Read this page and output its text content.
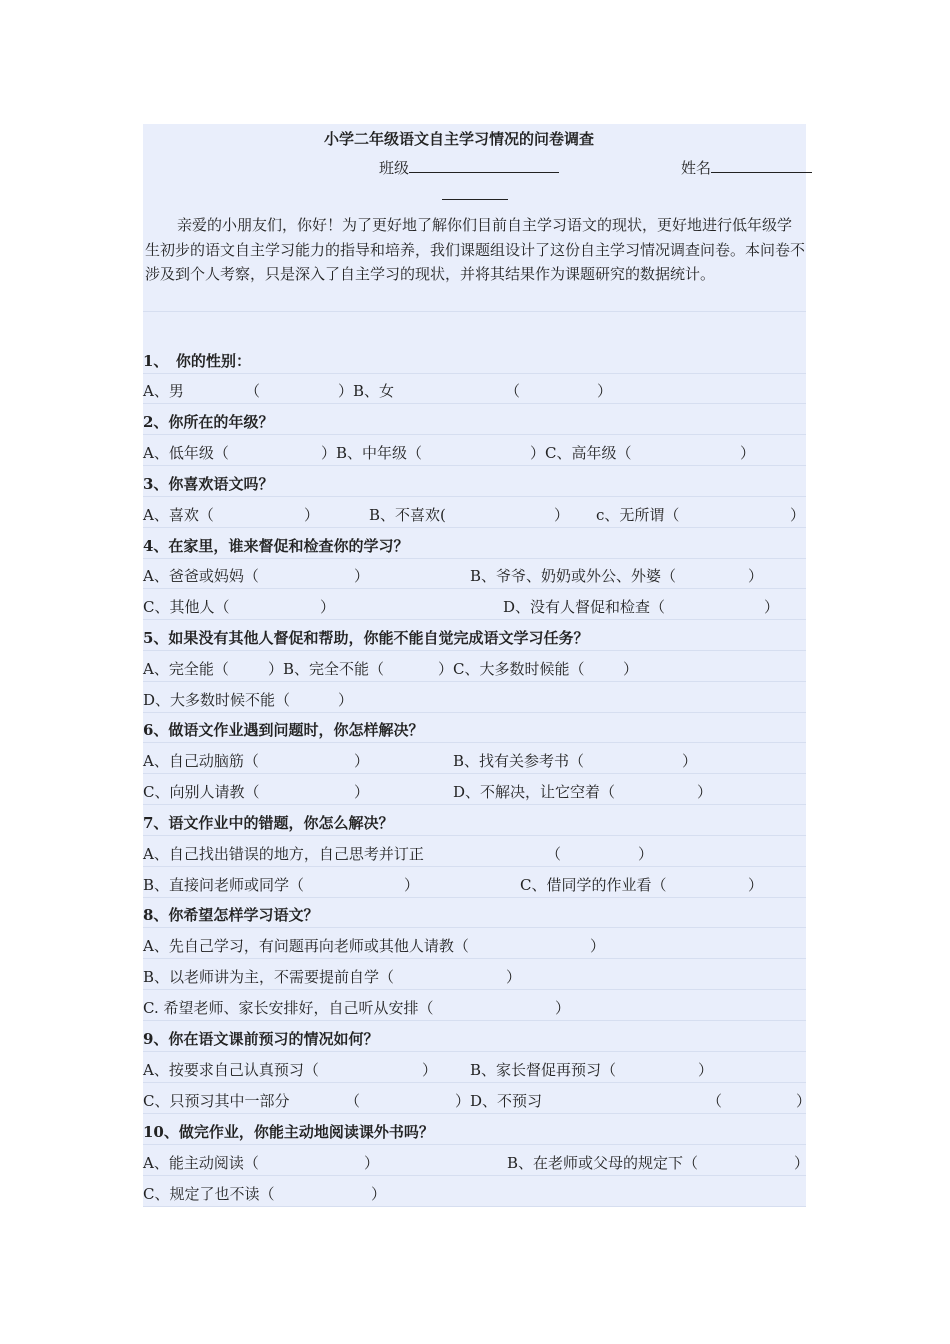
小学二年级语文自主学习情况的问卷调查
班级	姓名
亲爱的小朋友们，你好！为了更好地了解你们目前自主学习语文的现状，更好地进行低年级学生初步的语文自主学习能力的指导和培养，我们课题组设计了这份自主学习情况调查问卷。本问卷不涉及到个人考察，只是深入了自主学习的现状，并将其结果作为课题研究的数据统计。
1、　你的性别：
A、男	（	）B、女	（	）
2、你所在的年级？
A、低年级（	）B、中年级（	）C、高年级（	）
3、你喜欢语文吗？
A、喜欢（	）	B、不喜欢(	） c、无所谓（	）
4、在家里，谁来督促和检查你的学习？
A、爸爸或妈妈（	）	B、爷爷、奶奶或外公、外婆（	）
C、其他人（	）	D、没有人督促和检查（	）
5、如果没有其他人督促和帮助，你能不能自觉完成语文学习任务？
A、完全能（	）B、完全不能（	）C、大多数时候能（	）
D、大多数时候不能（	）
6、做语文作业遇到问题时，你怎样解决？
A、自己动脑筋（	）	B、找有关参考书（	）
C、向别人请教（	）	D、不解决，让它空着（	）
7、语文作业中的错题，你怎么解决？
A、自己找出错误的地方，自己思考并订正	（	）
B、直接问老师或同学（	）	C、借同学的作业看（	）
8、你希望怎样学习语文？
A、先自己学习，有问题再向老师或其他人请教（	）
B、以老师讲为主，不需要提前自学（	）
C. 希望老师、家长安排好，自己听从安排（	）
9、你在语文课前预习的情况如何？
A、按要求自己认真预习（	） B、家长督促再预习（	）
C、只预习其中一部分	（	）D、不预习	（	）
10、做完作业，你能主动地阅读课外书吗？
A、能主动阅读（	）	B、在老师或父母的规定下（	）
C、规定了也不读（	）
